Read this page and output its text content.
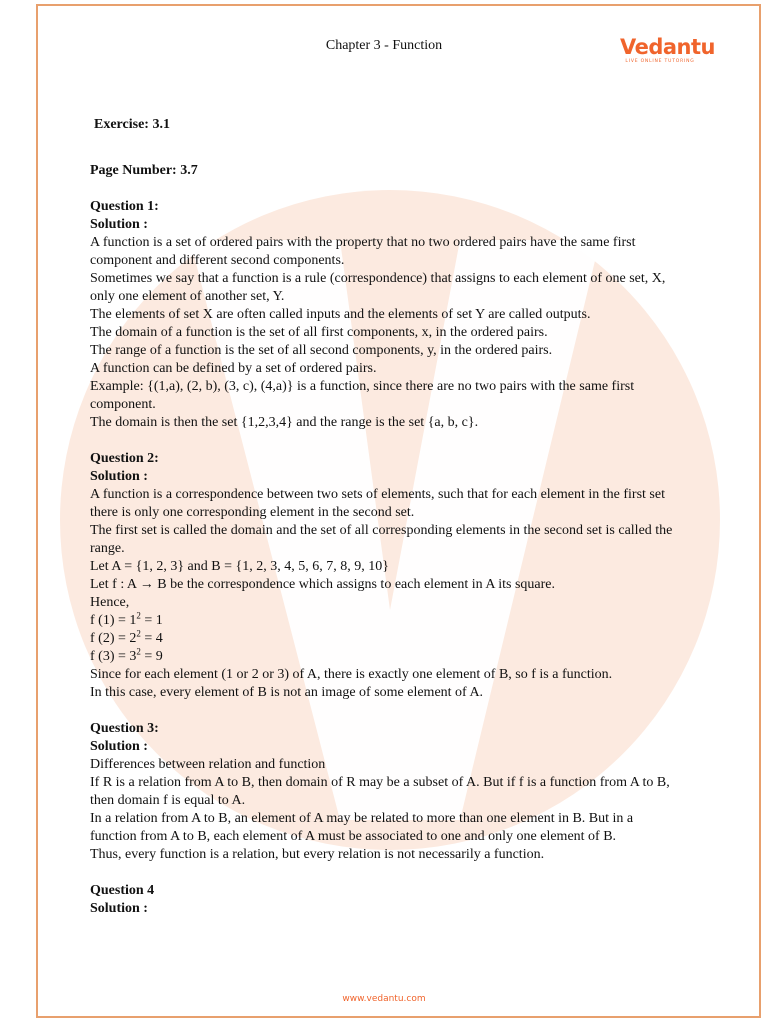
Chapter 3 - Function	Vedantu
LIVE ONLINE TUTORING

Exercise: 3.1

Page Number: 3.7

Question 1:

Solution :

A function is a set of ordered pairs with the property that no two ordered pairs have the same first component and different second components.

Sometimes we say that a function is a rule (correspondence) that assigns to each element of one set, X, only one element of another set, Y.

The elements of set X are often called inputs and the elements of set Y are called outputs.

The domain of a function is the set of all first components, x, in the ordered pairs.

The range of a function is the set of all second components, y, in the ordered pairs.

A function can be defined by a set of ordered pairs.

Example: {(1,a), (2, b), (3, c), (4,a)} is a function, since there are no two pairs with the same first component.

The domain is then the set {1,2,3,4} and the range is the set {a, b, c}.

Question 2:

Solution :

A function is a correspondence between two sets of elements, such that for each element in the first set there is only one corresponding element in the second set.

The first set is called the domain and the set of all corresponding elements in the second set is called the range.

Let A = {1, 2, 3} and B = {1, 2, 3, 4, 5, 6, 7, 8, 9, 10}

Let f : A → B be the correspondence which assigns to each element in A its square.

Hence,

f $(1) = 1^2 = 1$

f $(2) = 2^2 = 4$

f $(3) = 3^2 = 9$

Since for each element (1 or 2 or 3) of A, there is exactly one element of B, so f is a function.

In this case, every element of B is not an image of some element of A.

Question 3:

Solution :

Differences between relation and function

If R is a relation from A to B, then domain of R may be a subset of A. But if f is a function from A to B, then domain f is equal to A.

In a relation from A to B, an element of A may be related to more than one element in B. But in a function from A to B, each element of A must be associated to one and only one element of B.

Thus, every function is a relation, but every relation is not necessarily a function.

Question 4

Solution :

www.vedantu.com
